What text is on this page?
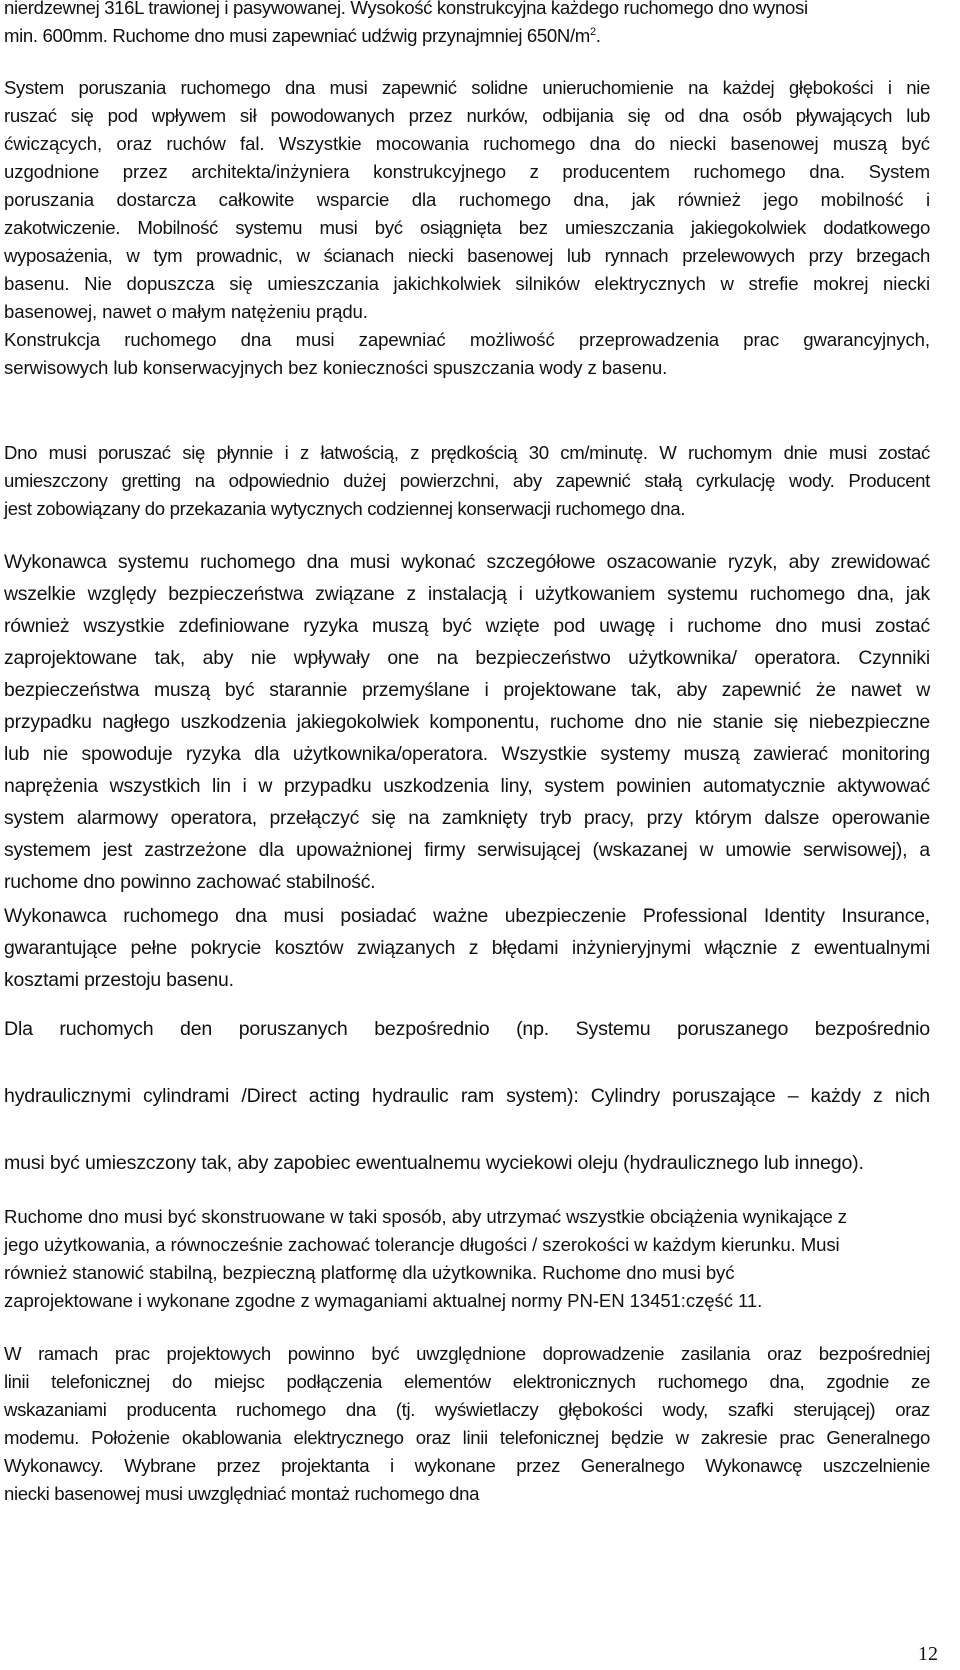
nierdzewnej 316L trawionej i pasywowanej. Wysokość konstrukcyjna każdego ruchomego dno wynosi
min. 600mm. Ruchome dno musi zapewniać udźwig przynajmniej $650N/m^2$.
System poruszania ruchomego dna musi zapewnić solidne unieruchomienie na każdej głębokości i nie
ruszać się pod wpływem sił powodowanych przez nurków, odbijania się od dna osób pływających lub
ćwiczących, oraz ruchów fal. Wszystkie mocowania ruchomego dna do niecki basenowej muszą być
uzgodnione przez architekta/inżyniera konstrukcyjnego z producentem ruchomego dna. System
poruszania dostarcza całkowite wsparcie dla ruchomego dna, jak również jego mobilność i
zakotwiczenie. Mobilność systemu musi być osiągnięta bez umieszczania jakiegokolwiek dodatkowego
wyposażenia, w tym prowadnic, w ścianach niecki basenowej lub rynnach przelewowych przy brzegach
basenu. Nie dopuszcza się umieszczania jakichkolwiek silników elektrycznych w strefie mokrej niecki
basenowej, nawet o małym natężeniu prądu.
Konstrukcja ruchomego dna musi zapewniać możliwość przeprowadzenia prac gwarancyjnych,
serwisowych lub konserwacyjnych bez konieczności spuszczania wody z basenu.
Dno musi poruszać się płynnie i z łatwością, z prędkością 30 cm/minutę. W ruchomym dnie musi zostać
umieszczony gretting na odpowiednio dużej powierzchni, aby zapewnić stałą cyrkulację wody. Producent
jest zobowiązany do przekazania wytycznych codziennej konserwacji ruchomego dna.
Wykonawca systemu ruchomego dna musi wykonać szczegółowe oszacowanie ryzyk, aby zrewidować
wszelkie względy bezpieczeństwa związane z instalacją i użytkowaniem systemu ruchomego dna, jak
również wszystkie zdefiniowane ryzyka muszą być wzięte pod uwagę i ruchome dno musi zostać
zaprojektowane tak, aby nie wpływały one na bezpieczeństwo użytkownika/ operatora. Czynniki
bezpieczeństwa muszą być starannie przemyślane i projektowane tak, aby zapewnić że nawet w
przypadku nagłego uszkodzenia jakiegokolwiek komponentu, ruchome dno nie stanie się niebezpieczne
lub nie spowoduje ryzyka dla użytkownika/operatora. Wszystkie systemy muszą zawierać monitoring
naprężenia wszystkich lin i w przypadku uszkodzenia liny, system powinien automatycznie aktywować
system alarmowy operatora, przełączyć się na zamknięty tryb pracy, przy którym dalsze operowanie
systemem jest zastrzeżone dla upoważnionej firmy serwisującej (wskazanej w umowie serwisowej), a
ruchome dno powinno zachować stabilność.
Wykonawca ruchomego dna musi posiadać ważne ubezpieczenie Professional Identity Insurance,
gwarantujące pełne pokrycie kosztów związanych z błędami inżynieryjnymi włącznie z ewentualnymi
kosztami przestoju basenu.
Dla ruchomych den poruszanych bezpośrednio (np. Systemu poruszanego bezpośrednio
hydraulicznymi cylindrami /Direct acting hydraulic ram system): Cylindry poruszające – każdy z nich
musi być umieszczony tak, aby zapobiec ewentualnemu wyciekowi oleju (hydraulicznego lub innego).
Ruchome dno musi być skonstruowane w taki sposób, aby utrzymać wszystkie obciążenia wynikające z
jego użytkowania, a równocześnie zachować tolerancje długości / szerokości w każdym kierunku. Musi
również stanowić stabilną, bezpieczną platformę dla użytkownika. Ruchome dno musi być
zaprojektowane i wykonane zgodne z wymaganiami aktualnej normy PN-EN 13451:część 11.
W ramach prac projektowych powinno być uwzględnione doprowadzenie zasilania oraz bezpośredniej
linii telefonicznej do miejsc podłączenia elementów elektronicznych ruchomego dna, zgodnie ze
wskazaniami producenta ruchomego dna (tj. wyświetlaczy głębokości wody, szafki sterującej) oraz
modemu. Położenie okablowania elektrycznego oraz linii telefonicznej będzie w zakresie prac Generalnego
Wykonawcy. Wybrane przez projektanta i wykonane przez Generalnego Wykonawcę uszczelnienie
niecki basenowej musi uwzględniać montaż ruchomego dna
12
